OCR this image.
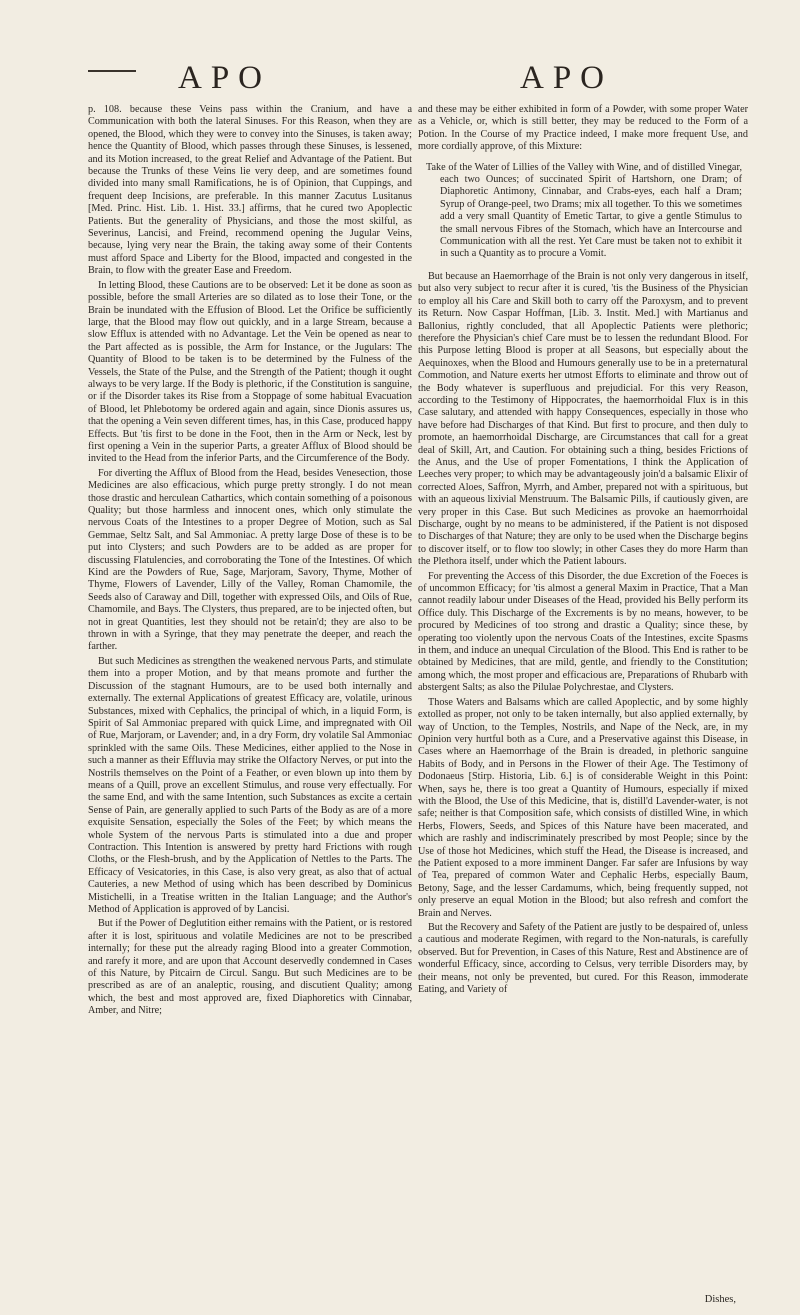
APO	APO

p. 108. because these Veins pass within the Cranium, and have a Communication with both the lateral Sinuses. For this Reason, when they are opened, the Blood, which they were to convey into the Sinuses, is taken away; hence the Quantity of Blood, which passes through these Sinuses, is lessened, and its Motion increased, to the great Relief and Advantage of the Patient. But because the Trunks of these Veins lie very deep, and are sometimes found divided into many small Ramifications, he is of Opinion, that Cuppings, and frequent deep Incisions, are preferable. In this manner Zacutus Lusitanus [Med. Princ. Hist. Lib. 1. Hist. 33.] affirms, that he cured two Apoplectic Patients. But the generality of Physicians, and those the most skilful, as Severinus, Lancisi, and Freind, recommend opening the Jugular Veins, because, lying very near the Brain, the taking away some of their Contents must afford Space and Liberty for the Blood, impacted and congested in the Brain, to flow with the greater Ease and Freedom.

In letting Blood, these Cautions are to be observed: Let it be done as soon as possible, before the small Arteries are so dilated as to lose their Tone, or the Brain be inundated with the Effusion of Blood. Let the Orifice be sufficiently large, that the Blood may flow out quickly, and in a large Stream, because a slow Efflux is attended with no Advantage. Let the Vein be opened as near to the Part affected as is possible, the Arm for Instance, or the Jugulars: The Quantity of Blood to be taken is to be determined by the Fulness of the Vessels, the State of the Pulse, and the Strength of the Patient; though it ought always to be very large. If the Body is plethoric, if the Constitution is sanguine, or if the Disorder takes its Rise from a Stoppage of some habitual Evacuation of Blood, let Phlebotomy be ordered again and again, since Dionis assures us, that the opening a Vein seven different times, has, in this Case, produced happy Effects. But 'tis first to be done in the Foot, then in the Arm or Neck, lest by first opening a Vein in the superior Parts, a greater Afflux of Blood should be invited to the Head from the inferior Parts, and the Circumference of the Body.

For diverting the Afflux of Blood from the Head, besides Venesection, those Medicines are also efficacious, which purge pretty strongly. I do not mean those drastic and herculean Cathartics, which contain something of a poisonous Quality; but those harmless and innocent ones, which only stimulate the nervous Coats of the Intestines to a proper Degree of Motion, such as Sal Gemmae, Seltz Salt, and Sal Ammoniac. A pretty large Dose of these is to be put into Clysters; and such Powders are to be added as are proper for discussing Flatulencies, and corroborating the Tone of the Intestines. Of which Kind are the Powders of Rue, Sage, Marjoram, Savory, Thyme, Mother of Thyme, Flowers of Lavender, Lilly of the Valley, Roman Chamomile, the Seeds also of Caraway and Dill, together with expressed Oils, and Oils of Rue, Chamomile, and Bays. The Clysters, thus prepared, are to be injected often, but not in great Quantities, lest they should not be retain'd; they are also to be thrown in with a Syringe, that they may penetrate the deeper, and reach the farther.

But such Medicines as strengthen the weakened nervous Parts, and stimulate them into a proper Motion, and by that means promote and further the Discussion of the stagnant Humours, are to be used both internally and externally. The external Applications of greatest Efficacy are, volatile, urinous Substances, mixed with Cephalics, the principal of which, in a liquid Form, is Spirit of Sal Ammoniac prepared with quick Lime, and impregnated with Oil of Rue, Marjoram, or Lavender; and, in a dry Form, dry volatile Sal Ammoniac sprinkled with the same Oils. These Medicines, either applied to the Nose in such a manner as their Effluvia may strike the Olfactory Nerves, or put into the Nostrils themselves on the Point of a Feather, or even blown up into them by means of a Quill, prove an excellent Stimulus, and rouse very effectually. For the same End, and with the same Intention, such Substances as excite a certain Sense of Pain, are generally applied to such Parts of the Body as are of a more exquisite Sensation, especially the Soles of the Feet; by which means the whole System of the nervous Parts is stimulated into a due and proper Contraction. This Intention is answered by pretty hard Frictions with rough Cloths, or the Flesh-brush, and by the Application of Nettles to the Parts. The Efficacy of Vesicatories, in this Case, is also very great, as also that of actual Cauteries, a new Method of using which has been described by Dominicus Mistichelli, in a Treatise written in the Italian Language; and the Author's Method of Application is approved of by Lancisi.

But if the Power of Deglutition either remains with the Patient, or is restored after it is lost, spirituous and volatile Medicines are not to be prescribed internally; for these put the already raging Blood into a greater Commotion, and rarefy it more, and are upon that Account deservedly condemned in Cases of this Nature, by Pitcairn de Circul. Sangu. But such Medicines are to be prescribed as are of an analeptic, rousing, and discutient Quality; among which, the best and most approved are, fixed Diaphoretics with Cinnabar, Amber, and Nitre;

and these may be either exhibited in form of a Powder, with some proper Water as a Vehicle, or, which is still better, they may be reduced to the Form of a Potion. In the Course of my Practice indeed, I make more frequent Use, and more cordially approve, of this Mixture:

Take of the Water of Lillies of the Valley with Wine, and of distilled Vinegar, each two Ounces; of succinated Spirit of Hartshorn, one Dram; of Diaphoretic Antimony, Cinnabar, and Crabs-eyes, each half a Dram; Syrup of Orange-peel, two Drams; mix all together. To this we sometimes add a very small Quantity of Emetic Tartar, to give a gentle Stimulus to the small nervous Fibres of the Stomach, which have an Intercourse and Communication with all the rest. Yet Care must be taken not to exhibit it in such a Quantity as to procure a Vomit.

But because an Haemorrhage of the Brain is not only very dangerous in itself, but also very subject to recur after it is cured, 'tis the Business of the Physician to employ all his Care and Skill both to carry off the Paroxysm, and to prevent its Return. Now Caspar Hoffman, [Lib. 3. Instit. Med.] with Martianus and Ballonius, rightly concluded, that all Apoplectic Patients were plethoric; therefore the Physician's chief Care must be to lessen the redundant Blood. For this Purpose letting Blood is proper at all Seasons, but especially about the Aequinoxes, when the Blood and Humours generally use to be in a preternatural Commotion, and Nature exerts her utmost Efforts to eliminate and throw out of the Body whatever is superfluous and prejudicial. For this very Reason, according to the Testimony of Hippocrates, the haemorrhoidal Flux is in this Case salutary, and attended with happy Consequences, especially in those who have before had Discharges of that Kind. But first to procure, and then duly to promote, an haemorrhoidal Discharge, are Circumstances that call for a great deal of Skill, Art, and Caution. For obtaining such a thing, besides Frictions of the Anus, and the Use of proper Fomentations, I think the Application of Leeches very proper; to which may be advantageously join'd a balsamic Elixir of corrected Aloes, Saffron, Myrrh, and Amber, prepared not with a spirituous, but with an aqueous lixivial Menstruum. The Balsamic Pills, if cautiously given, are very proper in this Case. But such Medicines as provoke an haemorrhoidal Discharge, ought by no means to be administered, if the Patient is not disposed to Discharges of that Nature; they are only to be used when the Discharge begins to discover itself, or to flow too slowly; in other Cases they do more Harm than the Plethora itself, under which the Patient labours.

For preventing the Access of this Disorder, the due Excretion of the Foeces is of uncommon Efficacy; for 'tis almost a general Maxim in Practice, That a Man cannot readily labour under Diseases of the Head, provided his Belly perform its Office duly. This Discharge of the Excrements is by no means, however, to be procured by Medicines of too strong and drastic a Quality; since these, by operating too violently upon the nervous Coats of the Intestines, excite Spasms in them, and induce an unequal Circulation of the Blood. This End is rather to be obtained by Medicines, that are mild, gentle, and friendly to the Constitution; among which, the most proper and efficacious are, Preparations of Rhubarb with abstergent Salts; as also the Pilulae Polychrestae, and Clysters.

Those Waters and Balsams which are called Apoplectic, and by some highly extolled as proper, not only to be taken internally, but also applied externally, by way of Unction, to the Temples, Nostrils, and Nape of the Neck, are, in my Opinion very hurtful both as a Cure, and a Preservative against this Disease, in Cases where an Haemorrhage of the Brain is dreaded, in plethoric sanguine Habits of Body, and in Persons in the Flower of their Age. The Testimony of Dodonaeus [Stirp. Historia, Lib. 6.] is of considerable Weight in this Point: When, says he, there is too great a Quantity of Humours, especially if mixed with the Blood, the Use of this Medicine, that is, distill'd Lavender-water, is not safe; neither is that Composition safe, which consists of distilled Wine, in which Herbs, Flowers, Seeds, and Spices of this Nature have been macerated, and which are rashly and indiscriminately prescribed by most People; since by the Use of those hot Medicines, which stuff the Head, the Disease is increased, and the Patient exposed to a more imminent Danger. Far safer are Infusions by way of Tea, prepared of common Water and Cephalic Herbs, especially Baum, Betony, Sage, and the lesser Cardamums, which, being frequently supped, not only preserve an equal Motion in the Blood; but also refresh and comfort the Brain and Nerves.

But the Recovery and Safety of the Patient are justly to be despaired of, unless a cautious and moderate Regimen, with regard to the Non-naturals, is carefully observed. But for Prevention, in Cases of this Nature, Rest and Abstinence are of wonderful Efficacy, since, according to Celsus, very terrible Disorders may, by their means, not only be prevented, but cured. For this Reason, immoderate Eating, and Variety of

Dishes,
